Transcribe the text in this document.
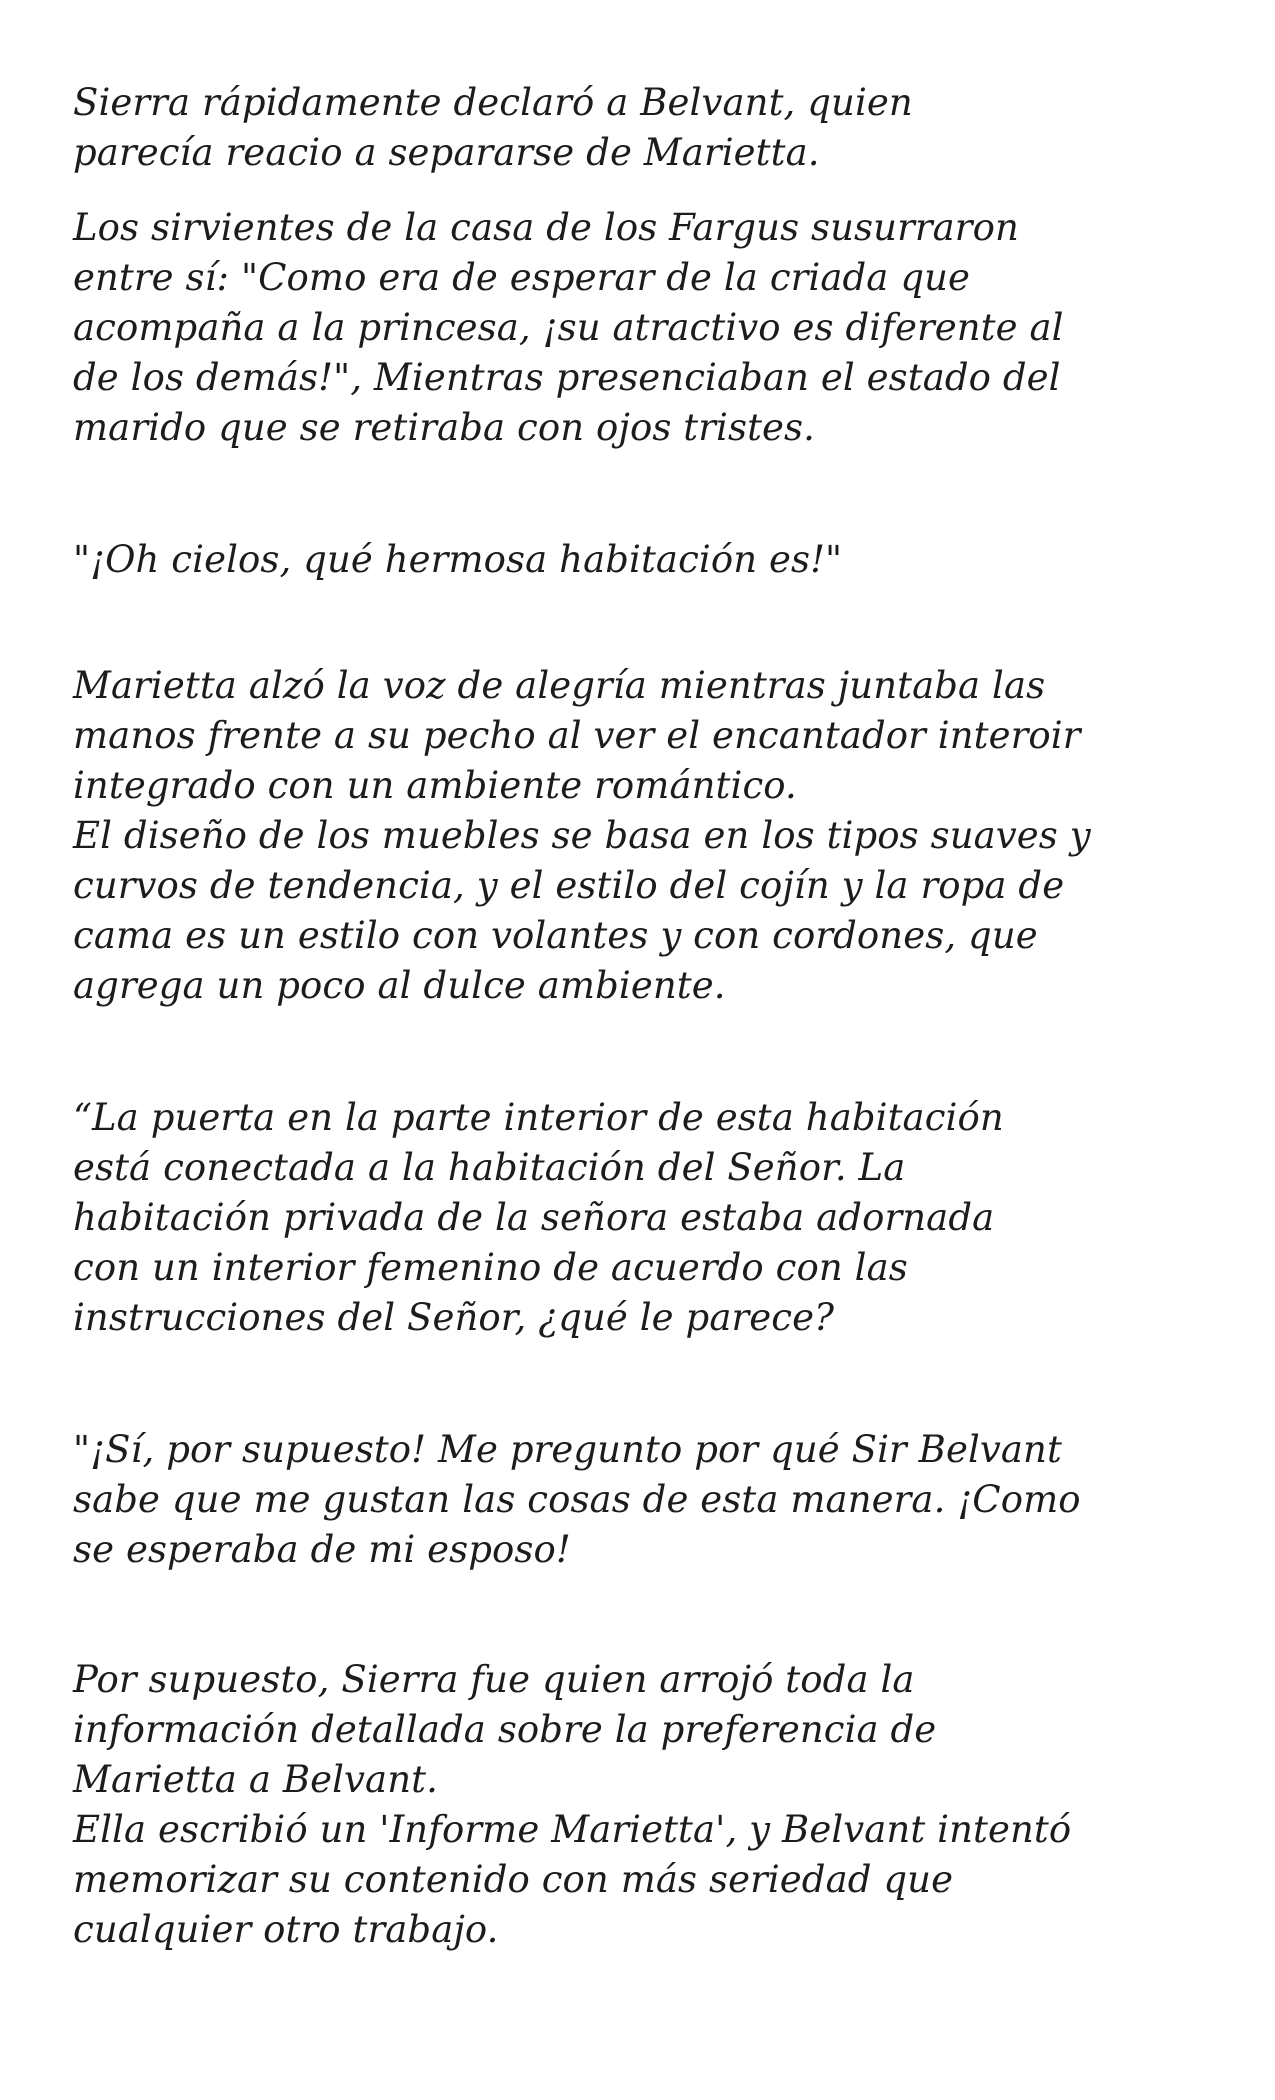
Sierra rápidamente declaró a Belvant, quien
parecía reacio a separarse de Marietta.

Los sirvientes de la casa de los Fargus susurraron
entre sí: "Como era de esperar de la criada que
acompaña a la princesa, ¡su atractivo es diferente al
de los demás!", Mientras presenciaban el estado del
marido que se retiraba con ojos tristes.

"¡Oh cielos, qué hermosa habitación es!"

Marietta alzó la voz de alegría mientras juntaba las
manos frente a su pecho al ver el encantador interoir
integrado con un ambiente romántico.
El diseño de los muebles se basa en los tipos suaves y
curvos de tendencia, y el estilo del cojín y la ropa de
cama es un estilo con volantes y con cordones, que
agrega un poco al dulce ambiente.

“La puerta en la parte interior de esta habitación
está conectada a la habitación del Señor. La
habitación privada de la señora estaba adornada
con un interior femenino de acuerdo con las
instrucciones del Señor, ¿qué le parece?

"¡Sí, por supuesto! Me pregunto por qué Sir Belvant
sabe que me gustan las cosas de esta manera. ¡Como
se esperaba de mi esposo!

Por supuesto, Sierra fue quien arrojó toda la
información detallada sobre la preferencia de
Marietta a Belvant.
Ella escribió un 'Informe Marietta', y Belvant intentó
memorizar su contenido con más seriedad que
cualquier otro trabajo.
